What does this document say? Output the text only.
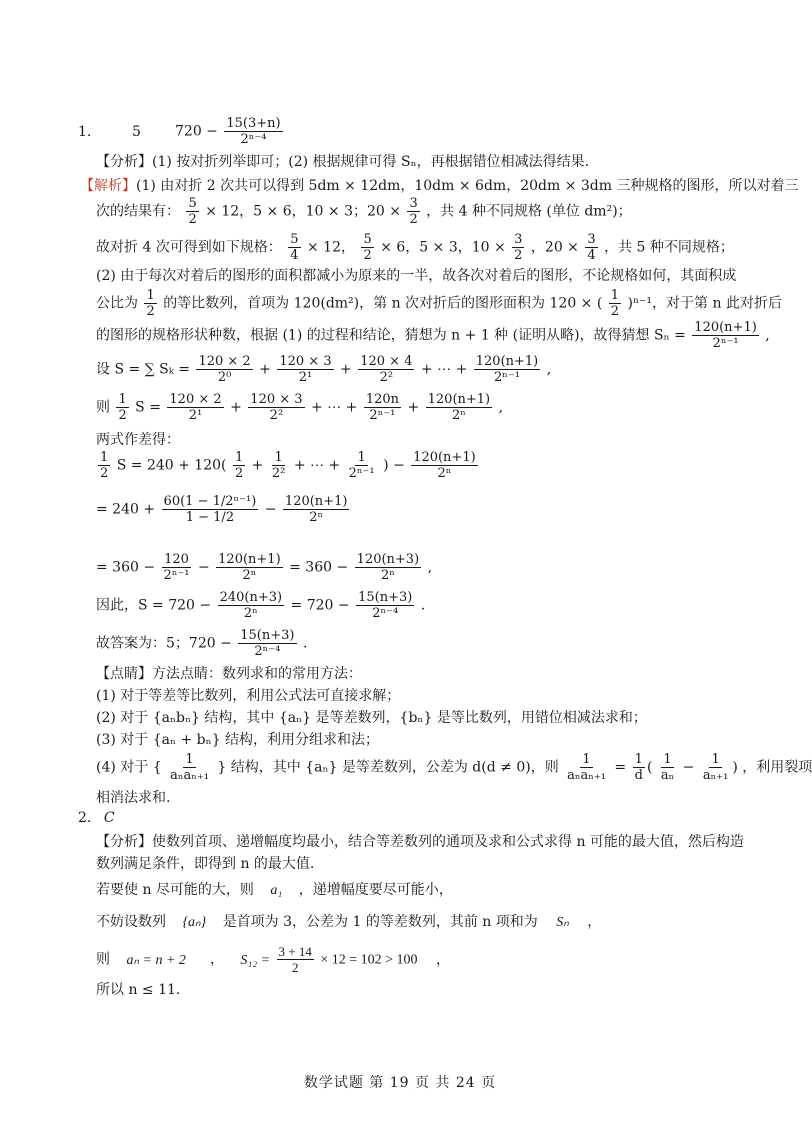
1.	5 $720 - \frac{15(3+n)}{\text{2ⁿ⁻⁴}}$
【分析】(1) 按对折列举即可；(2) 根据规律可得 Sₙ，再根据错位相减法得结果.
【解析】(1) 由对折 2 次共可以得到 5dm × 12dm，10dm × 6dm，20dm × 3dm 三种规格的图形，所以对着三
次的结果有： $\frac{5}{2} \times 12$，5 × 6，10 × 3；$20 \times \frac{3}{2}$ ，共 4 种不同规格 (单位 dm²)；
故对折 4 次可得到如下规格： $\frac{5}{4} \times 12$， $\frac{5}{2} \times 6$，5 × 3，$10 \times \frac{3}{2}$ ，$20 \times \frac{3}{4}$ ，共 5 种不同规格；
(2) 由于每次对着后的图形的面积都减小为原来的一半，故各次对着后的图形，不论规格如何，其面积成
公比为 $\frac{1}{2}$ 的等比数列，首项为 120(dm²)，第 n 次对折后的图形面积为 120 × ( $\frac{1}{2} )^{n-1}$，对于第 n 此对折后
的图形的规格形状种数，根据 (1) 的过程和结论，猜想为 n + 1 种 (证明从略)，故得猜想 $S_n = \frac{120(n+1)}{\text{2ⁿ⁻¹}}$ ,
设 S = ∑ $S_k = \frac{120 \times 2}{\text{2⁰}} + \frac{120 \times 3}{\text{2¹}} + \frac{120 \times 4}{\text{2²}}$ + ⋯ + $\frac{120(n+1)}{\text{2ⁿ⁻¹}}$ ,
则 $\frac{1}{2}$ $S = \frac{120 \times 2}{\text{2¹}} + \frac{120 \times 3}{\text{2²}}$ + ⋯ + $\frac{120n}{\text{2ⁿ⁻¹}} + \frac{120(n+1)}{\text{2ⁿ}}$ ,
两式作差得：
$\frac{1}{2}$ $S = 240 + 120( \frac{1}{2} + \frac{1}{\text{2²}}$ + ⋯ + $\frac{1}{\text{2ⁿ⁻¹}}$ ) − $\frac{120(n+1)}{\text{2ⁿ}}$
= $240 + \frac{\text{60(1 − 1/2ⁿ⁻¹)}}{1 - 1/2} - \frac{120(n+1)}{\text{2ⁿ}}$
= $360 - \frac{120}{\text{2ⁿ⁻¹}} - \frac{120(n+1)}{\text{2ⁿ}} = 360 - \frac{120(n+3)}{\text{2ⁿ}}$ ,
因此，$S = 720 - \frac{240(n+3)}{\text{2ⁿ}} = 720 - \frac{15(n+3)}{\text{2ⁿ⁻⁴}}$ .
故答案为：5；$720 - \frac{15(n+3)}{\text{2ⁿ⁻⁴}}$ .
【点睛】方法点睛：数列求和的常用方法：
(1) 对于等差等比数列，利用公式法可直接求解；
(2) 对于 {aₙbₙ} 结构，其中 {aₙ} 是等差数列，{bₙ} 是等比数列，用错位相减法求和；
(3) 对于 {aₙ + bₙ} 结构，利用分组求和法；
(4) 对于 { $\frac{1}{\text{aₙaₙ₊₁}}$ } 结构，其中 {aₙ} 是等差数列，公差为 d(d ≠ 0)，则 $\frac{1}{\text{aₙaₙ₊₁}} = \frac{1}{d}$ ( $\frac{1}{\text{aₙ}} - \frac{1}{\text{aₙ₊₁}}$ ) ，利用裂项
相消法求和.
2. C
【分析】使数列首项、递增幅度均最小，结合等差数列的通项及求和公式求得 n 可能的最大值，然后构造
数列满足条件，即得到 n 的最大值.
若要使 n 尽可能的大，则 a₁ ，递增幅度要尽可能小，
不妨设数列 {aₙ} 是首项为 3，公差为 1 的等差数列，其前 n 项和为 Sₙ ，
则 aₙ = n + 2 ， $S_{12} = \frac{3 + 14}{2} \times 12 = 102 > 100$ ，
所以 n ≤ 11.
数学试题 第 19 页 共 24 页
